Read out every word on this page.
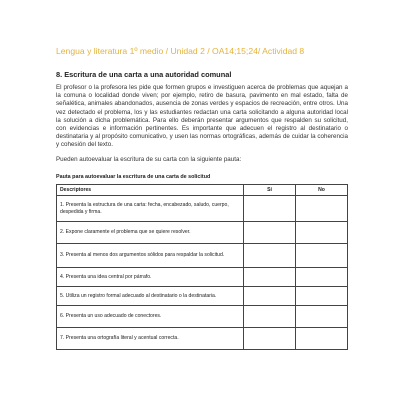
Lengua y literatura 1º medio / Unidad 2 / OA14;15;24/ Actividad 8
8. Escritura de una carta a una autoridad comunal
El profesor o la profesora les pide que formen grupos e investiguen acerca de problemas que aquejan a la comuna o localidad donde viven; por ejemplo, retiro de basura, pavimento en mal estado, falta de señalética, animales abandonados, ausencia de zonas verdes y espacios de recreación, entre otros. Una vez detectado el problema, los y las estudiantes redactan una carta solicitando a alguna autoridad local la solución a dicha problemática. Para ello deberán presentar argumentos que respalden su solicitud, con evidencias e información pertinentes. Es importante que adecuen el registro al destinatario o destinataria y al propósito comunicativo, y usen las normas ortográficas, además de cuidar la coherencia y cohesión del texto.
Pueden autoevaluar la escritura de su carta con la siguiente pauta:
Pauta para autoevaluar la escritura de una carta de solicitud
Descriptores	Sí	No
1. Presenta la estructura de una carta: fecha, encabezado, saludo, cuerpo, despedida y firma.		
2. Expone claramente el problema que se quiere resolver.		
3. Presenta al menos dos argumentos sólidos para respaldar la solicitud.		
4. Presenta una idea central por párrafo.		
5. Utiliza un registro formal adecuado al destinatario o la destinataria.		
6. Presenta un uso adecuado de conectores.		
7. Presenta una ortografía literal y acentual correcta.		
